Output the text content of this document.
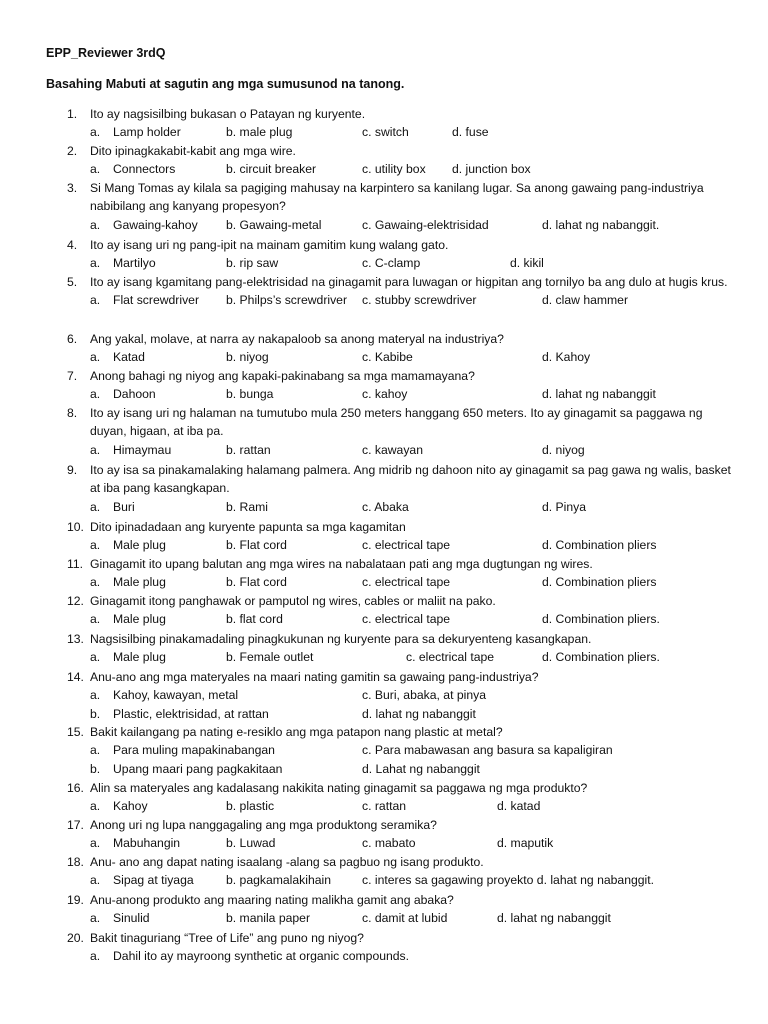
EPP_Reviewer 3rdQ
Basahing Mabuti at sagutin ang mga sumusunod na tanong.
1.	Ito ay nagsisilbing bukasan o Patayan ng kuryente.
a. Lamp holder	b. male plug	c. switch	d. fuse
2.	Dito ipinagkakabit-kabit ang mga wire.
a. Connectors	b. circuit breaker	c. utility box d. junction box
3.	Si Mang Tomas ay kilala sa pagiging mahusay na karpintero sa kanilang lugar. Sa anong gawaing pang-industriya nabibilang ang kanyang propesyon?
a. Gawaing-kahoy b. Gawaing-metal	c. Gawaing-elektrisidad	d. lahat ng nabanggit.
4.	Ito ay isang uri ng pang-ipit na mainam gamitim kung walang gato.
a. Martilyo	b. rip saw	c. C-clamp	d. kikil
5.	Ito ay isang kgamitang pang-elektrisidad na ginagamit para luwagan or higpitan ang tornilyo ba ang dulo at hugis krus.
a. Flat screwdriver b. Philps’s screwdriver c. stubby screwdriver	d. claw hammer
6.	Ang yakal, molave, at narra ay nakapaloob sa anong materyal na industriya?
a. Katad	b. niyog	c. Kabibe	d. Kahoy
7.	Anong bahagi ng niyog ang kapaki-pakinabang sa mga mamamayana?
a. Dahoon	b. bunga	c. kahoy	d. lahat ng nabanggit
8.	Ito ay isang uri ng halaman na tumutubo mula 250 meters hanggang 650 meters. Ito ay ginagamit sa paggawa ng duyan, higaan, at iba pa.
a. Himaymau	b. rattan	c. kawayan	d. niyog
9.	Ito ay isa sa pinakamalaking halamang palmera. Ang midrib ng dahoon nito ay ginagamit sa pag gawa ng walis, basket at iba pang kasangkapan.
a. Buri	b. Rami	c. Abaka	d. Pinya
10. Dito ipinadadaan ang kuryente papunta sa mga kagamitan
a. Male plug	b. Flat cord	c. electrical tape	d. Combination pliers
11. Ginagamit ito upang balutan ang mga wires na nabalataan pati ang mga dugtungan ng wires.
a. Male plug	b. Flat cord	c. electrical tape	d. Combination pliers
12. Ginagamit itong panghawak or pamputol ng wires, cables or maliit na pako.
a. Male plug	b. flat cord	c. electrical tape	d. Combination pliers.
13. Nagsisilbing pinakamadaling pinagkukunan ng kuryente para sa dekuryenteng kasangkapan.
a. Male plug	b. Female outlet	c. electrical tape	d. Combination pliers.
14. Anu-ano ang mga materyales na maari nating gamitin sa gawaing pang-industriya?
a. Kahoy, kawayan, metal	c. Buri, abaka, at pinya
b. Plastic, elektrisidad, at rattan	d. lahat ng nabanggit
15. Bakit kailangang pa nating e-resiklo ang mga patapon nang plastic at metal?
a. Para muling mapakinabangan	c. Para mabawasan ang basura sa kapaligiran
b. Upang maari pang pagkakitaan	d. Lahat ng nabanggit
16. Alin sa materyales ang kadalasang nakikita nating ginagamit sa paggawa ng mga produkto?
a. Kahoy	b. plastic	c. rattan	d. katad
17. Anong uri ng lupa nanggagaling ang mga produktong seramika?
a. Mabuhangin	b. Luwad	c. mabato	d. maputik
18. Anu- ano ang dapat nating isaalang -alang sa pagbuo ng isang produkto.
a. Sipag at tiyaga	b. pagkamalakihain	c. interes sa gagawing proyekto d. lahat ng nabanggit.
19. Anu-anong produkto ang maaring nating malikha gamit ang abaka?
a. Sinulid	b. manila paper	c. damit at lubid	d. lahat ng nabanggit
20. Bakit tinaguriang “Tree of Life” ang puno ng niyog?
a. Dahil ito ay mayroong synthetic at organic compounds.
